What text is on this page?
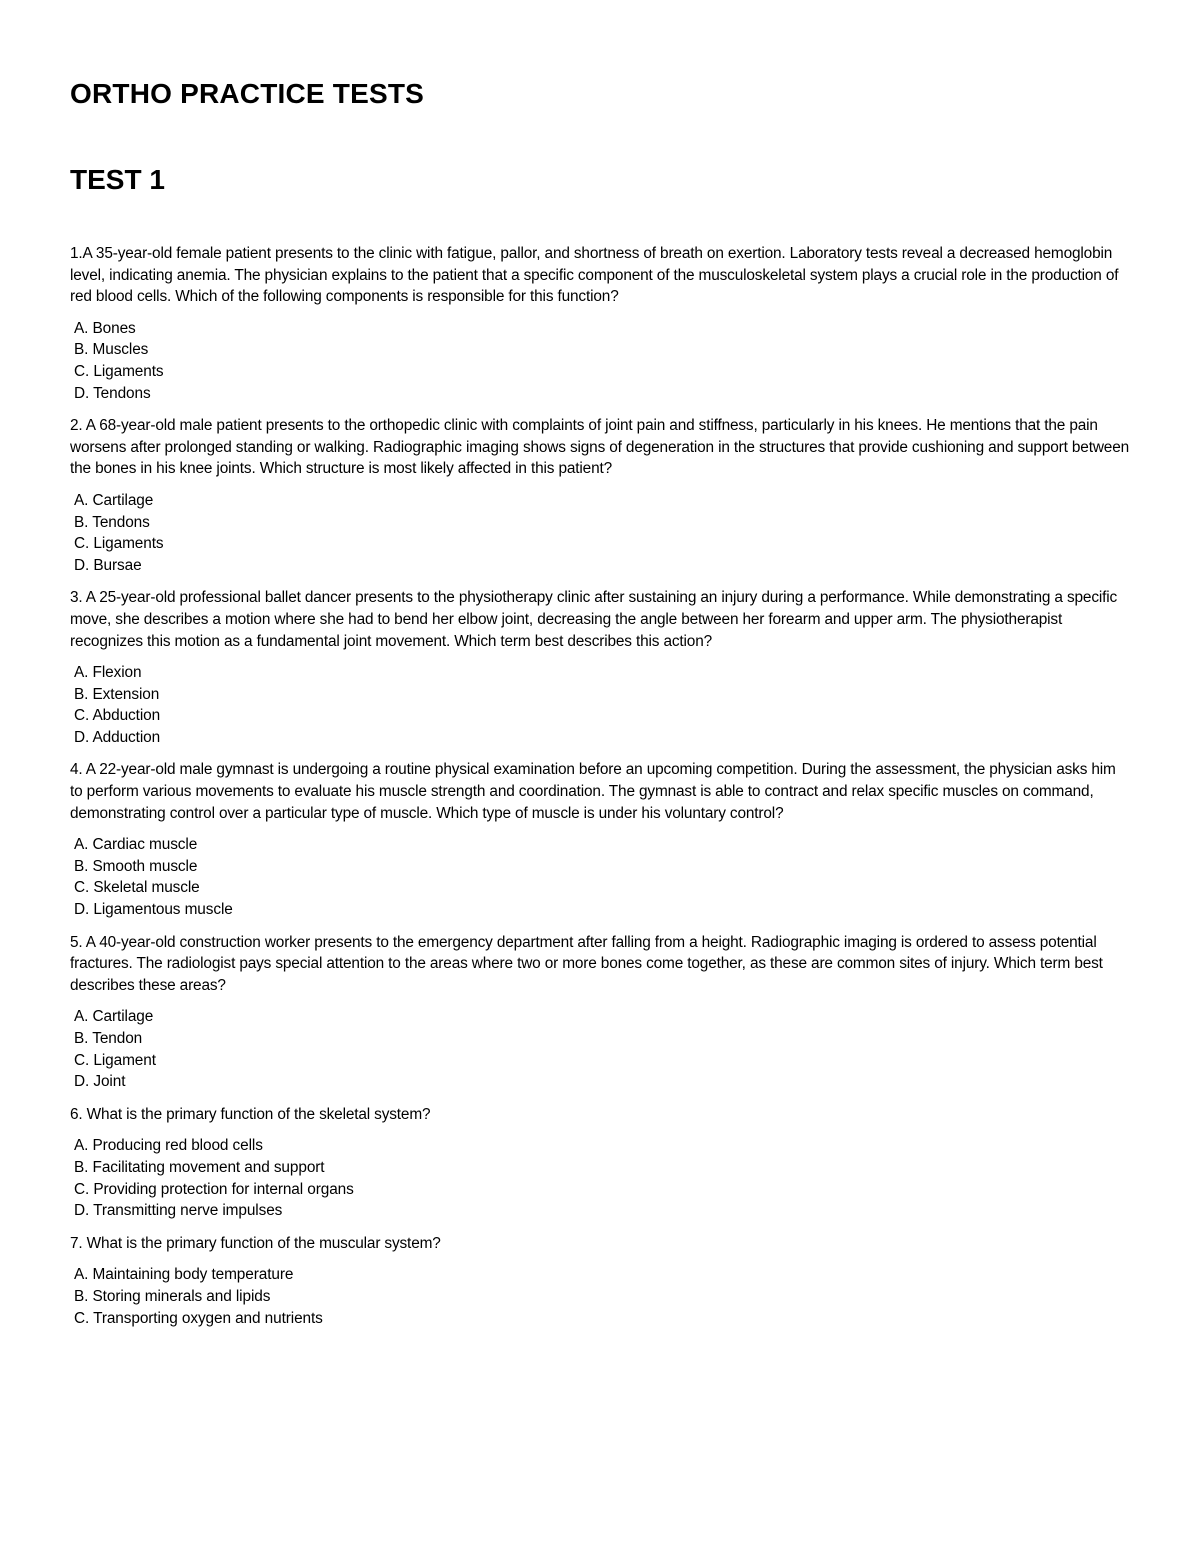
ORTHO PRACTICE TESTS
TEST 1

1.A 35-year-old female patient presents to the clinic with fatigue, pallor, and shortness of breath on exertion. Laboratory tests reveal a decreased hemoglobin level, indicating anemia. The physician explains to the patient that a specific component of the musculoskeletal system plays a crucial role in the production of red blood cells. Which of the following components is responsible for this function?

A. Bones
B. Muscles
C. Ligaments
D. Tendons

2. A 68-year-old male patient presents to the orthopedic clinic with complaints of joint pain and stiffness, particularly in his knees. He mentions that the pain worsens after prolonged standing or walking. Radiographic imaging shows signs of degeneration in the structures that provide cushioning and support between the bones in his knee joints. Which structure is most likely affected in this patient?

A. Cartilage
B. Tendons
C. Ligaments
D. Bursae

3. A 25-year-old professional ballet dancer presents to the physiotherapy clinic after sustaining an injury during a performance. While demonstrating a specific move, she describes a motion where she had to bend her elbow joint, decreasing the angle between her forearm and upper arm. The physiotherapist recognizes this motion as a fundamental joint movement. Which term best describes this action?

A. Flexion
B. Extension
C. Abduction
D. Adduction

4. A 22-year-old male gymnast is undergoing a routine physical examination before an upcoming competition. During the assessment, the physician asks him to perform various movements to evaluate his muscle strength and coordination. The gymnast is able to contract and relax specific muscles on command, demonstrating control over a particular type of muscle. Which type of muscle is under his voluntary control?

A. Cardiac muscle
B. Smooth muscle
C. Skeletal muscle
D. Ligamentous muscle

5. A 40-year-old construction worker presents to the emergency department after falling from a height. Radiographic imaging is ordered to assess potential fractures. The radiologist pays special attention to the areas where two or more bones come together, as these are common sites of injury. Which term best describes these areas?

A. Cartilage
B. Tendon
C. Ligament
D. Joint

6. What is the primary function of the skeletal system?

A. Producing red blood cells
B. Facilitating movement and support
C. Providing protection for internal organs
D. Transmitting nerve impulses

7. What is the primary function of the muscular system?

A. Maintaining body temperature
B. Storing minerals and lipids
C. Transporting oxygen and nutrients
